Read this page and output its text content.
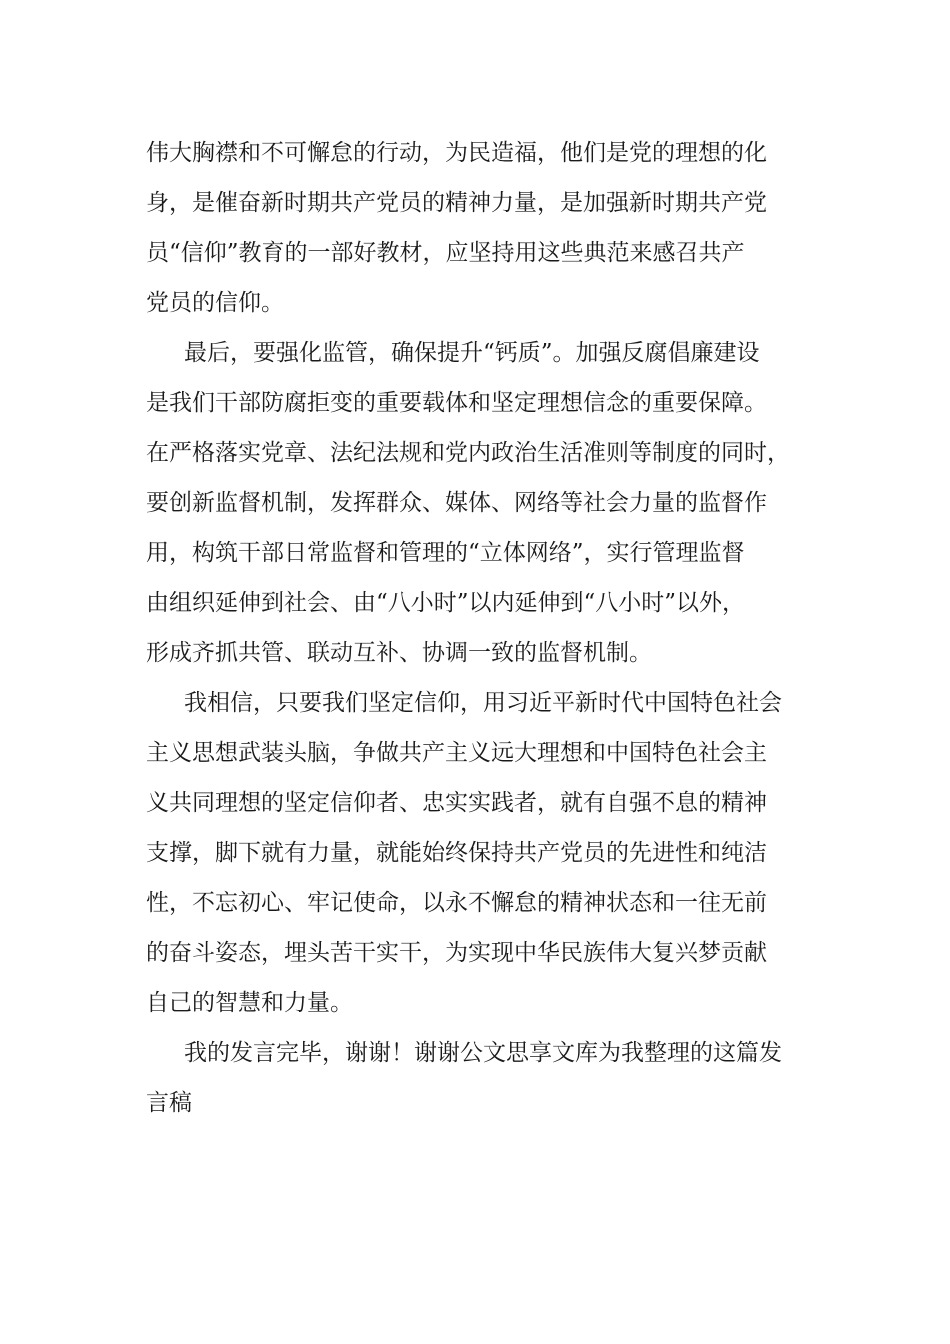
伟大胸襟和不可懈怠的行动，为民造福，他们是党的理想的化
身，是催奋新时期共产党员的精神力量，是加强新时期共产党
员“信仰”教育的一部好教材，应坚持用这些典范来感召共产
党员的信仰。
最后，要强化监管，确保提升“钙质”。加强反腐倡廉建设
是我们干部防腐拒变的重要载体和坚定理想信念的重要保障。
在严格落实党章、法纪法规和党内政治生活准则等制度的同时，
要创新监督机制，发挥群众、媒体、网络等社会力量的监督作
用，构筑干部日常监督和管理的“立体网络”，实行管理监督
由组织延伸到社会、由“八小时”以内延伸到“八小时”以外，
形成齐抓共管、联动互补、协调一致的监督机制。
我相信，只要我们坚定信仰，用习近平新时代中国特色社会
主义思想武装头脑，争做共产主义远大理想和中国特色社会主
义共同理想的坚定信仰者、忠实实践者，就有自强不息的精神
支撑，脚下就有力量，就能始终保持共产党员的先进性和纯洁
性，不忘初心、牢记使命，以永不懈怠的精神状态和一往无前
的奋斗姿态，埋头苦干实干，为实现中华民族伟大复兴梦贡献
自己的智慧和力量。
我的发言完毕，谢谢！谢谢公文思享文库为我整理的这篇发
言稿
